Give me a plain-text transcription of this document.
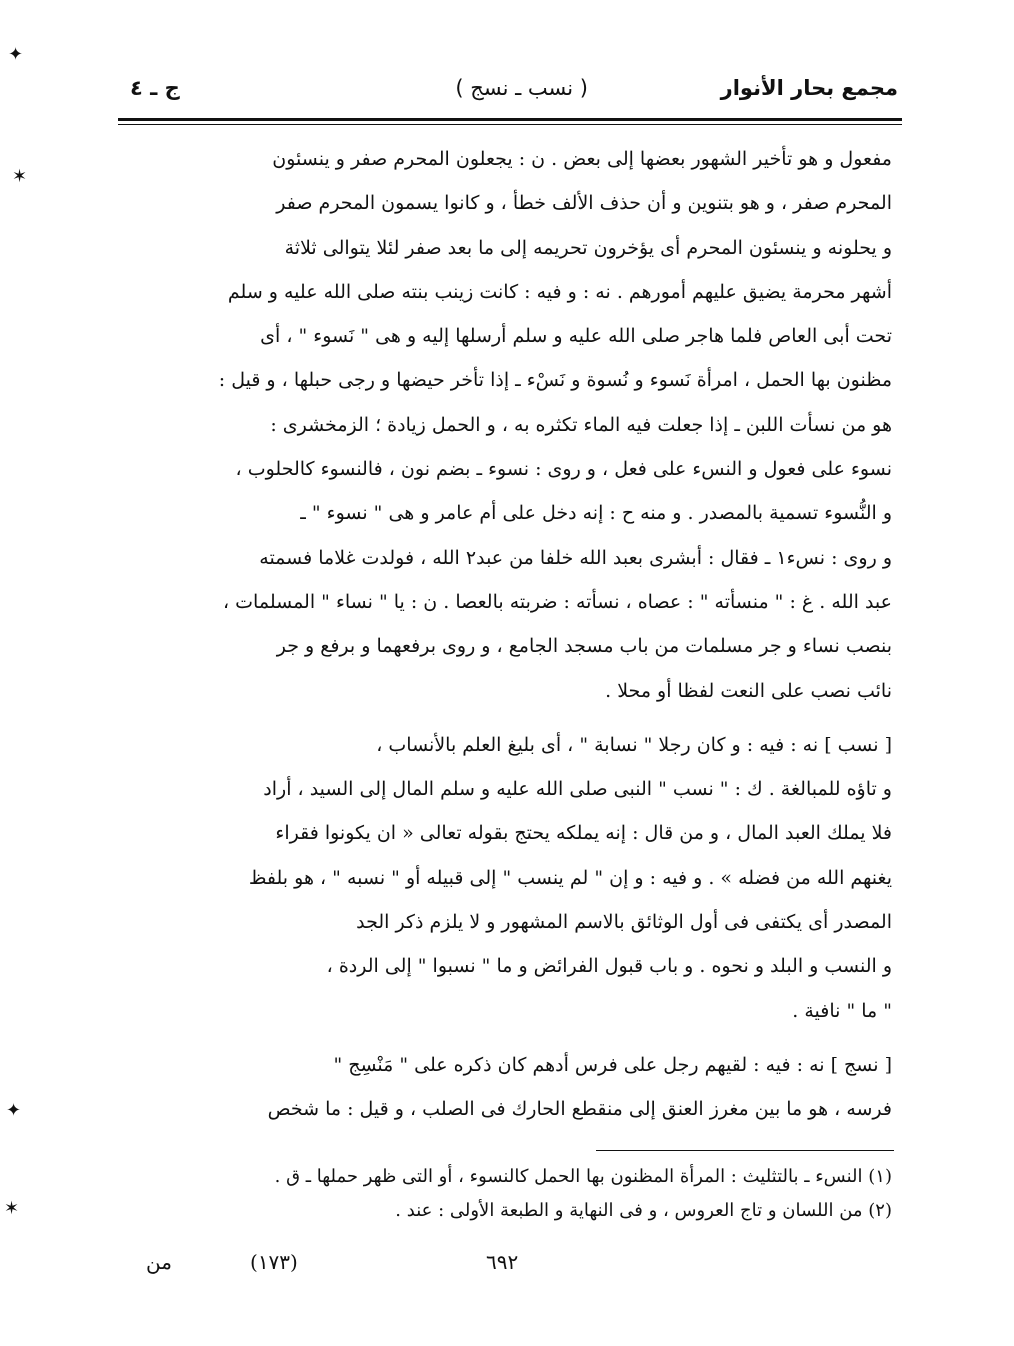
مجمع بحار الأنوار
( نسب ـ نسج )
ج ـ ٤

مفعول و هو تأخير الشهور بعضها إلى بعض . ن : يجعلون المحرم صفر و ينسئون

المحرم صفر ، و هو بتنوين و أن حذف الألف خطأ ، و كانوا يسمون المحرم صفر

و يحلونه و ينسئون المحرم أى يؤخرون تحريمه إلى ما بعد صفر لئلا يتوالى ثلاثة

أشهر محرمة يضيق عليهم أمورهم . نه : و فيه : كانت زينب بنته صلى الله عليه و سلم

تحت أبى العاص فلما هاجر صلى الله عليه و سلم أرسلها إليه و هى " نَسوء " ، أى

مظنون بها الحمل ، امرأة نَسوء و نُسوة و نَسْء ـ إذا تأخر حيضها و رجى حبلها ، و قيل :

هو من نسأت اللبن ـ إذا جعلت فيه الماء تكثره به ، و الحمل زيادة ؛ الزمخشرى :

نسوء على فعول و النسء على فعل ، و روى : نسوء ـ بضم نون ، فالنسوء كالحلوب ،

و النُّسوء تسمية بالمصدر . و منه ح : إنه دخل على أم عامر و هى " نسوء " ـ

و روى : نسء١ ـ فقال : أبشرى بعبد الله خلفا من عبد٢ الله ، فولدت غلاما فسمته

عبد الله . غ : " منسأته " : عصاه ، نسأته : ضربته بالعصا . ن : يا " نساء " المسلمات ،

بنصب نساء و جر مسلمات من باب مسجد الجامع ، و روى برفعهما و برفع و جر

نائب نصب على النعت لفظا أو محلا .

[ نسب ] نه : فيه : و كان رجلا " نسابة " ، أى بليغ العلم بالأنساب ،

و تاؤه للمبالغة . ك : " نسب " النبى صلى الله عليه و سلم المال إلى السيد ، أراد

فلا يملك العبد المال ، و من قال : إنه يملكه يحتج بقوله تعالى « ان يكونوا فقراء

يغنهم الله من فضله » . و فيه : و إن " لم ينسب " إلى قبيله أو " نسبه " ، هو بلفظ

المصدر أى يكتفى فى أول الوثائق بالاسم المشهور و لا يلزم ذكر الجد

و النسب و البلد و نحوه . و باب قبول الفرائض و ما " نسبوا " إلى الردة ،

" ما " نافية .

[ نسج ] نه : فيه : لقيهم رجل على فرس أدهم كان ذكره على " مَنْسِج "

فرسه ، هو ما بين مغرز العنق إلى منقطع الحارك فى الصلب ، و قيل : ما شخص

(١) النسء ـ بالتثليث : المرأة المظنون بها الحمل كالنسوء ، أو التى ظهر حملها ـ ق .

(٢) من اللسان و تاج العروس ، و فى النهاية و الطبعة الأولى : عند .

٦٩٢
(١٧٣)
من
✦
✶
✦
✶
